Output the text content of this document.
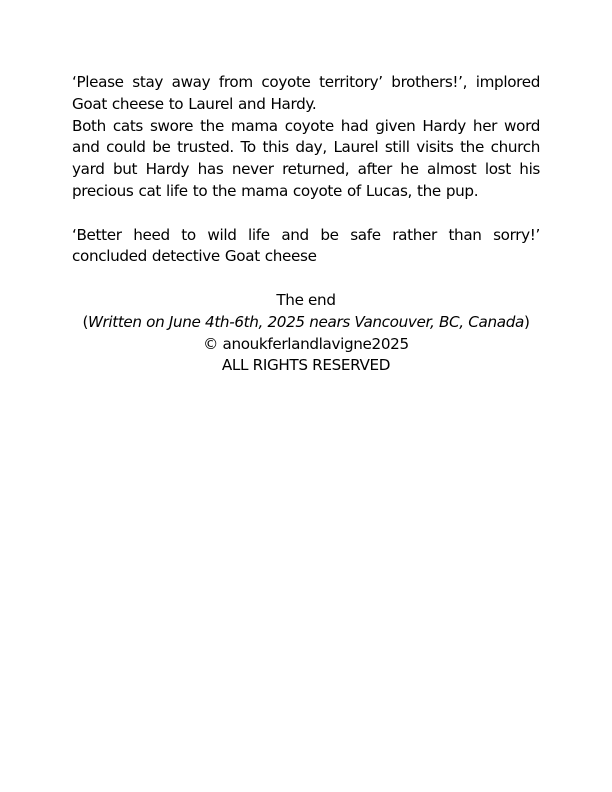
‘Please stay away from coyote territory’ brothers!’, implored Goat cheese to Laurel and Hardy.

Both cats swore the mama coyote had given Hardy her word and could be trusted. To this day, Laurel still visits the church yard but Hardy has never returned, after he almost lost his precious cat life to the mama coyote of Lucas, the pup.

‘Better heed to wild life and be safe rather than sorry!’ concluded detective Goat cheese

The end

(Written on June 4th-6th, 2025 nears Vancouver, BC, Canada)

© anoukferlandlavigne2025

ALL RIGHTS RESERVED
